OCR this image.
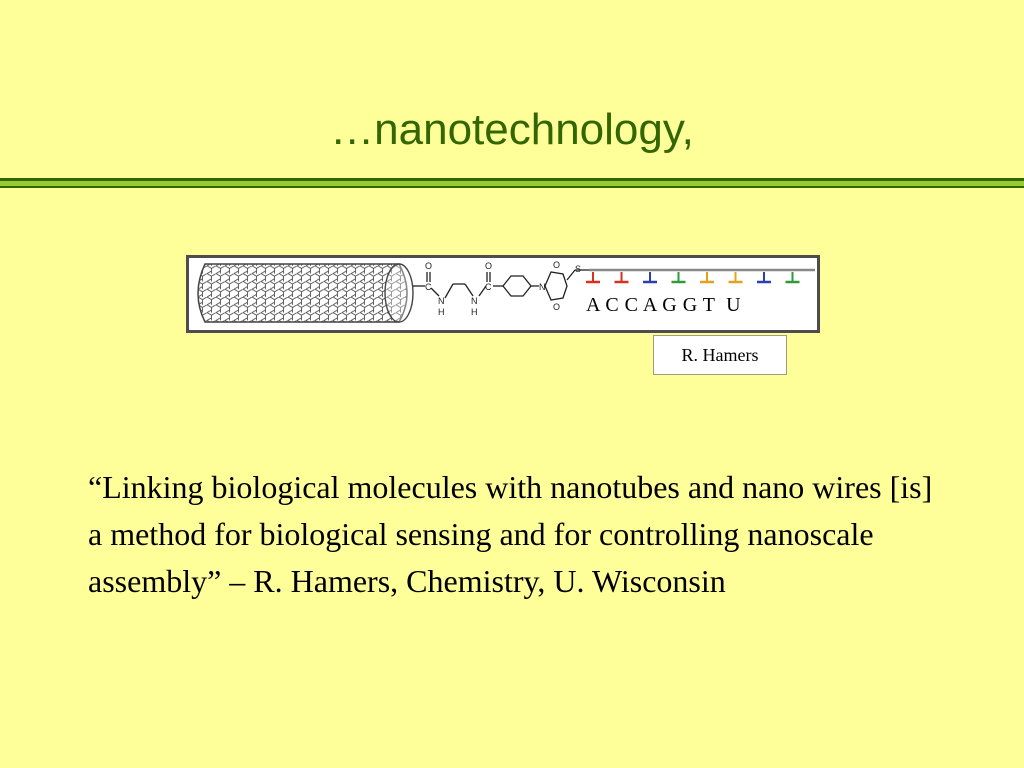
…nanotechnology,
O
C
N
H
N
H
O
C	N
O
O
S
A C C A G G T  U
R. Hamers
“Linking biological molecules with nanotubes and nano wires [is] a method for biological sensing and for controlling nanoscale assembly” – R. Hamers, Chemistry, U. Wisconsin
